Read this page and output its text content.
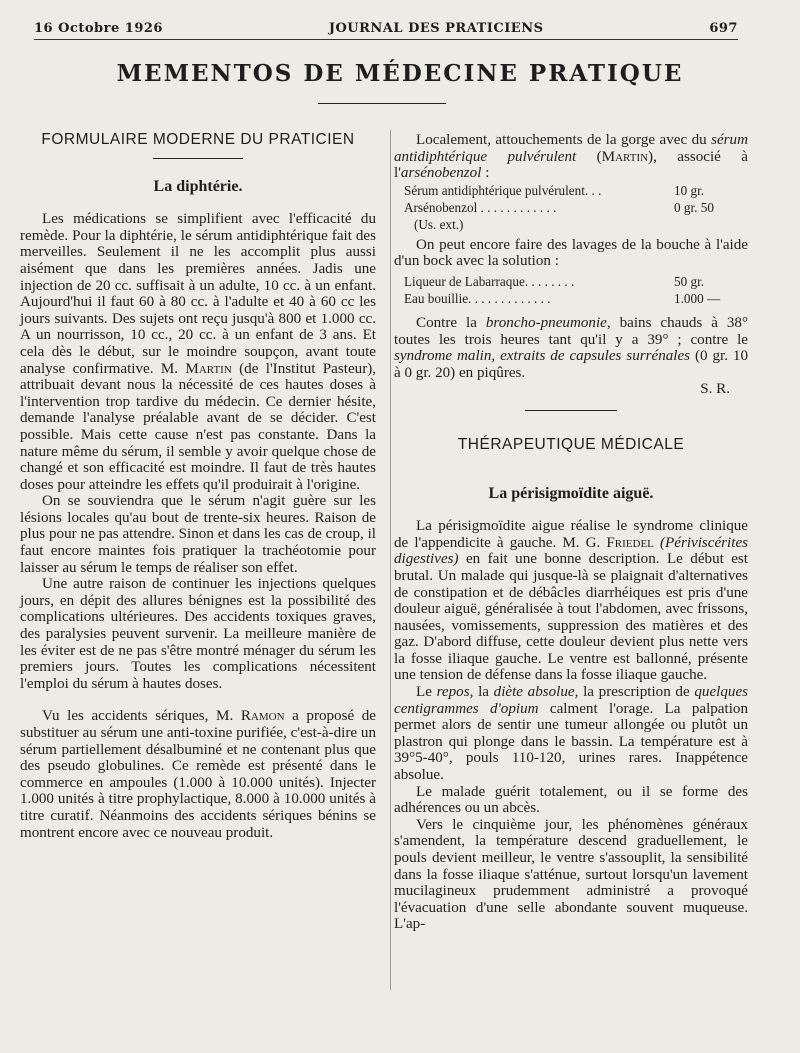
16 Octobre 1926	JOURNAL DES PRATICIENS	697
MEMENTOS DE MÉDECINE PRATIQUE
FORMULAIRE MODERNE DU PRATICIEN
La diphtérie.

Les médications se simplifient avec l'efficacité du remède. Pour la diphtérie, le sérum antidiphtérique fait des merveilles. Seulement il ne les accomplit plus aussi aisément que dans les premières années. Jadis une injection de 20 cc. suffisait à un adulte, 10 cc. à un enfant. Aujourd'hui il faut 60 à 80 cc. à l'adulte et 40 à 60 cc les jours suivants. Des sujets ont reçu jusqu'à 800 et 1.000 cc. A un nourrisson, 10 cc., 20 cc. à un enfant de 3 ans. Et cela dès le début, sur le moindre soupçon, avant toute analyse confirmative. M. Martin (de l'Institut Pasteur), attribuait devant nous la nécessité de ces hautes doses à l'intervention trop tardive du médecin. Ce dernier hésite, demande l'analyse préalable avant de se décider. C'est possible. Mais cette cause n'est pas constante. Dans la nature même du sérum, il semble y avoir quelque chose de changé et son efficacité est moindre. Il faut de très hautes doses pour atteindre les effets qu'il produirait à l'origine.

On se souviendra que le sérum n'agit guère sur les lésions locales qu'au bout de trente-six heures. Raison de plus pour ne pas attendre. Sinon et dans les cas de croup, il faut encore maintes fois pratiquer la trachéotomie pour laisser au sérum le temps de réaliser son effet.

Une autre raison de continuer les injections quelques jours, en dépit des allures bénignes est la possibilité des complications ultérieures. Des accidents toxiques graves, des paralysies peuvent survenir. La meilleure manière de les éviter est de ne pas s'être montré ménager du sérum les premiers jours. Toutes les complications nécessitent l'emploi du sérum à hautes doses.

Vu les accidents sériques, M. Ramon a proposé de substituer au sérum une anti-toxine purifiée, c'est-à-dire un sérum partiellement désalbuminé et ne contenant plus que des pseudo globulines. Ce remède est présenté dans le commerce en ampoules (1.000 à 10.000 unités). Injecter 1.000 unités à titre prophylactique, 8.000 à 10.000 unités à titre curatif. Néanmoins des accidents sériques bénins se montrent encore avec ce nouveau produit.

Localement, attouchements de la gorge avec du sérum antidiphtérique pulvérulent (Martin), associé à l'arsénobenzol :

Sérum antidiphtérique pulvérulent. . .	10 gr.
Arsénobenzol . . . . . . . . . . . .	0 gr. 50
(Us. ext.)	

On peut encore faire des lavages de la bouche à l'aide d'un bock avec la solution :

Liqueur de Labarraque. . . . . . . .	50 gr.
Eau bouillie. . . . . . . . . . . . .	1.000 —

Contre la broncho-pneumonie, bains chauds à 38° toutes les trois heures tant qu'il y a 39° ; contre le syndrome malin, extraits de capsules surrénales (0 gr. 10 à 0 gr. 20) en piqûres.

S. R.
THÉRAPEUTIQUE MÉDICALE
La périsigmoïdite aiguë.

La périsigmoïdite aigue réalise le syndrome clinique de l'appendicite à gauche. M. G. Friedel (Périviscérites digestives) en fait une bonne description. Le début est brutal. Un malade qui jusque-là se plaignait d'alternatives de constipation et de débâcles diarrhéiques est pris d'une douleur aiguë, généralisée à tout l'abdomen, avec frissons, nausées, vomissements, suppression des matières et des gaz. D'abord diffuse, cette douleur devient plus nette vers la fosse iliaque gauche. Le ventre est ballonné, présente une tension de défense dans la fosse iliaque gauche.

Le repos, la diète absolue, la prescription de quelques centigrammes d'opium calment l'orage. La palpation permet alors de sentir une tumeur allongée ou plutôt un plastron qui plonge dans le bassin. La température est à 39°5-40°, pouls 110-120, urines rares. Inappétence absolue.

Le malade guérit totalement, ou il se forme des adhérences ou un abcès.

Vers le cinquième jour, les phénomènes généraux s'amendent, la température descend graduellement, le pouls devient meilleur, le ventre s'assouplit, la sensibilité dans la fosse iliaque s'atténue, surtout lorsqu'un lavement mucilagineux prudemment administré a provoqué l'évacuation d'une selle abondante souvent muqueuse. L'ap-
